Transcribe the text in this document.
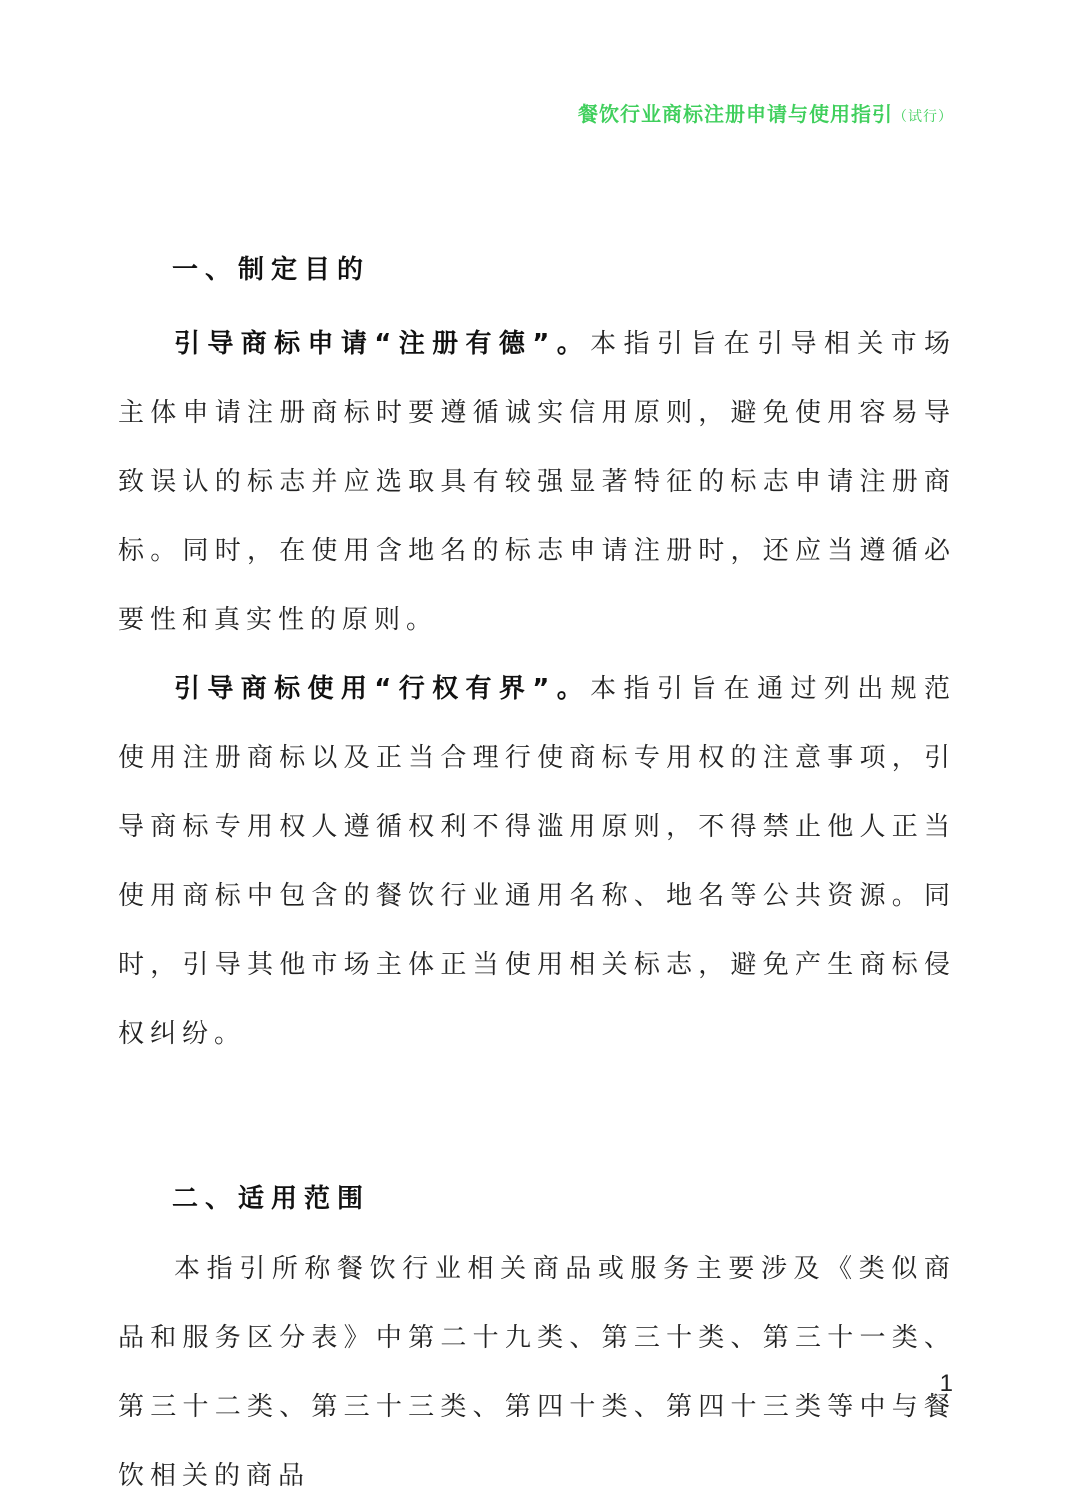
餐饮行业商标注册申请与使用指引（试行）
一、制定目的

引导商标申请“注册有德”。本指引旨在引导相关市场主体申请注册商标时要遵循诚实信用原则，避免使用容易导致误认的标志并应选取具有较强显著特征的标志申请注册商标。同时，在使用含地名的标志申请注册时，还应当遵循必要性和真实性的原则。

引导商标使用“行权有界”。本指引旨在通过列出规范使用注册商标以及正当合理行使商标专用权的注意事项，引导商标专用权人遵循权利不得滥用原则，不得禁止他人正当使用商标中包含的餐饮行业通用名称、地名等公共资源。同时，引导其他市场主体正当使用相关标志，避免产生商标侵权纠纷。

二、适用范围

本指引所称餐饮行业相关商品或服务主要涉及《类似商品和服务区分表》中第二十九类、第三十类、第三十一类、第三十二类、第三十三类、第四十类、第四十三类等中与餐饮相关的商品

1
